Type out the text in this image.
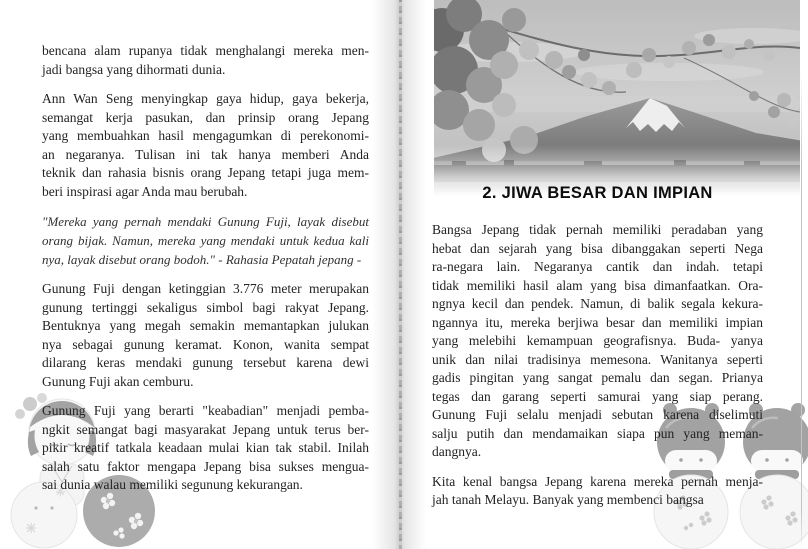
bencana alam rupanya tidak menghalangi mereka men-
jadi bangsa yang dihormati dunia.
Ann Wan Seng menyingkap gaya hidup, gaya bekerja,
semangat kerja pasukan, dan prinsip orang Jepang
yang membuahkan hasil mengagumkan di perekonomi-
an negaranya. Tulisan ini tak hanya memberi Anda
teknik dan rahasia bisnis orang Jepang tetapi juga mem-
beri inspirasi agar Anda mau berubah.
"Mereka yang pernah mendaki Gunung Fuji, layak disebut
orang bijak. Namun, mereka yang mendaki untuk kedua kali
nya, layak disebut orang bodoh." - Rahasia Pepatah jepang -
Gunung Fuji dengan ketinggian 3.776 meter merupakan
gunung tertinggi sekaligus simbol bagi rakyat Jepang.
Bentuknya yang megah semakin memantapkan julukan
nya sebagai gunung keramat. Konon, wanita sempat
dilarang keras mendaki gunung tersebut karena dewi
Gunung Fuji akan cemburu.
Gunung Fuji yang berarti "keabadian" menjadi pemba-
ngkit semangat bagi masyarakat Jepang untuk terus ber-
pikir kreatif tatkala keadaan mulai kian tak stabil. Inilah
salah satu faktor mengapa Jepang bisa sukses mengua-
sai dunia walau memiliki segunung kekurangan.
2. JIWA BESAR DAN IMPIAN
Bangsa Jepang tidak pernah memiliki peradaban yang
hebat dan sejarah yang bisa dibanggakan seperti Nega
ra-negara lain. Negaranya cantik dan indah. tetapi
tidak memiliki hasil alam yang bisa dimanfaatkan. Ora-
ngnya kecil dan pendek. Namun, di balik segala kekura-
ngannya itu, mereka berjiwa besar dan memiliki impian
yang melebihi kemampuan geografisnya. Buda- yanya
unik dan nilai tradisinya memesona. Wanitanya seperti
gadis pingitan yang sangat pemalu dan segan. Prianya
tegas dan garang seperti samurai yang siap perang.
Gunung Fuji selalu menjadi sebutan karena diselimuti
salju putih dan mendamaikan siapa pun yang meman-
dangnya.
Kita kenal bangsa Jepang karena mereka pernah menja-
jah tanah Melayu. Banyak yang membenci bangsa
